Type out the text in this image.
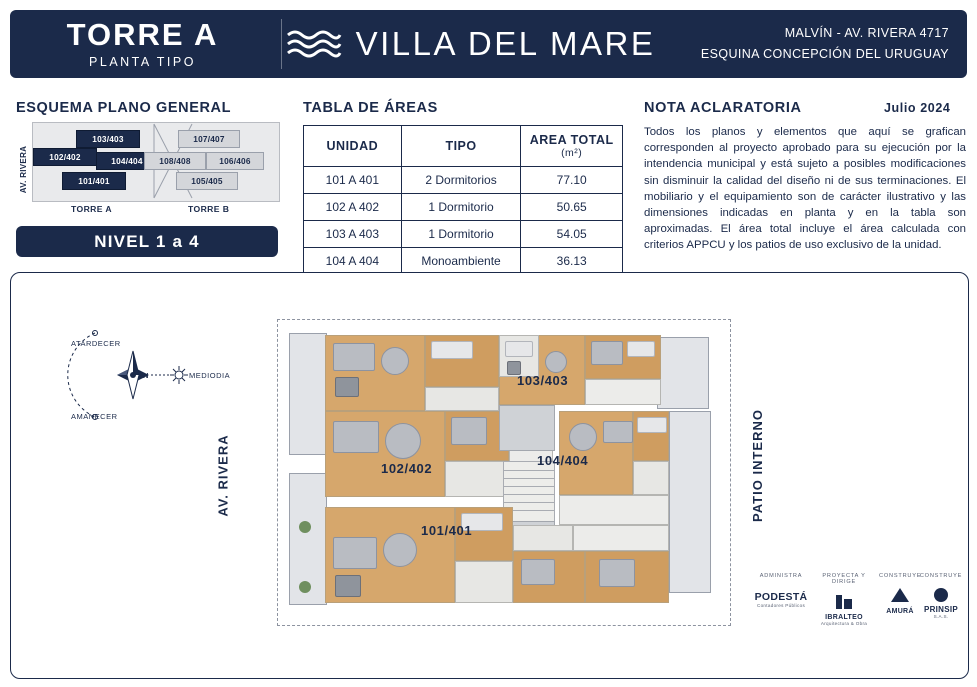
TORRE A
PLANTA TIPO
VILLA DEL MARE	MALVÍN - AV. RIVERA 4717
ESQUINA CONCEPCIÓN DEL URUGUAY
ESQUEMA PLANO GENERAL	TABLA DE ÁREAS	NOTA ACLARATORIA	Julio 2024
AV. RIVERA
103/403
102/402	104/404
101/401
107/407
108/408	106/406
105/405
TORRE A	TORRE B
NIVEL 1 a 4
UNIDAD	TIPO	AREA TOTAL
(m²)

101 A 401	2 Dormitorios	77.10
102 A 402	1 Dormitorio	50.65
103 A 403	1 Dormitorio	54.05
104 A 404	Monoambiente	36.13
Todos los planos y elementos que aquí se grafican corresponden al proyecto aprobado para su ejecución por la intendencia municipal y está sujeto a posibles modificaciones sin disminuir la calidad del diseño ni de sus terminaciones. El mobiliario y el equipamiento son de carácter ilustrativo y las dimensiones indicadas en planta y en la tabla son aproximadas. El área total incluye el área calculada con criterios APPCU y los patios de uso exclusivo de la unidad.
N
ATARDECER
AMANECER
MEDIODIA
AV. RIVERA	PATIO INTERNO
103/403
102/402
104/404
101/401
ADMINISTRA
PODESTÁ
Contadores Públicos
PROYECTA Y DIRIGE
IBRALTEO
Arquitectura & Obra
CONSTRUYE
AMURÁ
CONSTRUYE
PRINSIP
S.A.S.
